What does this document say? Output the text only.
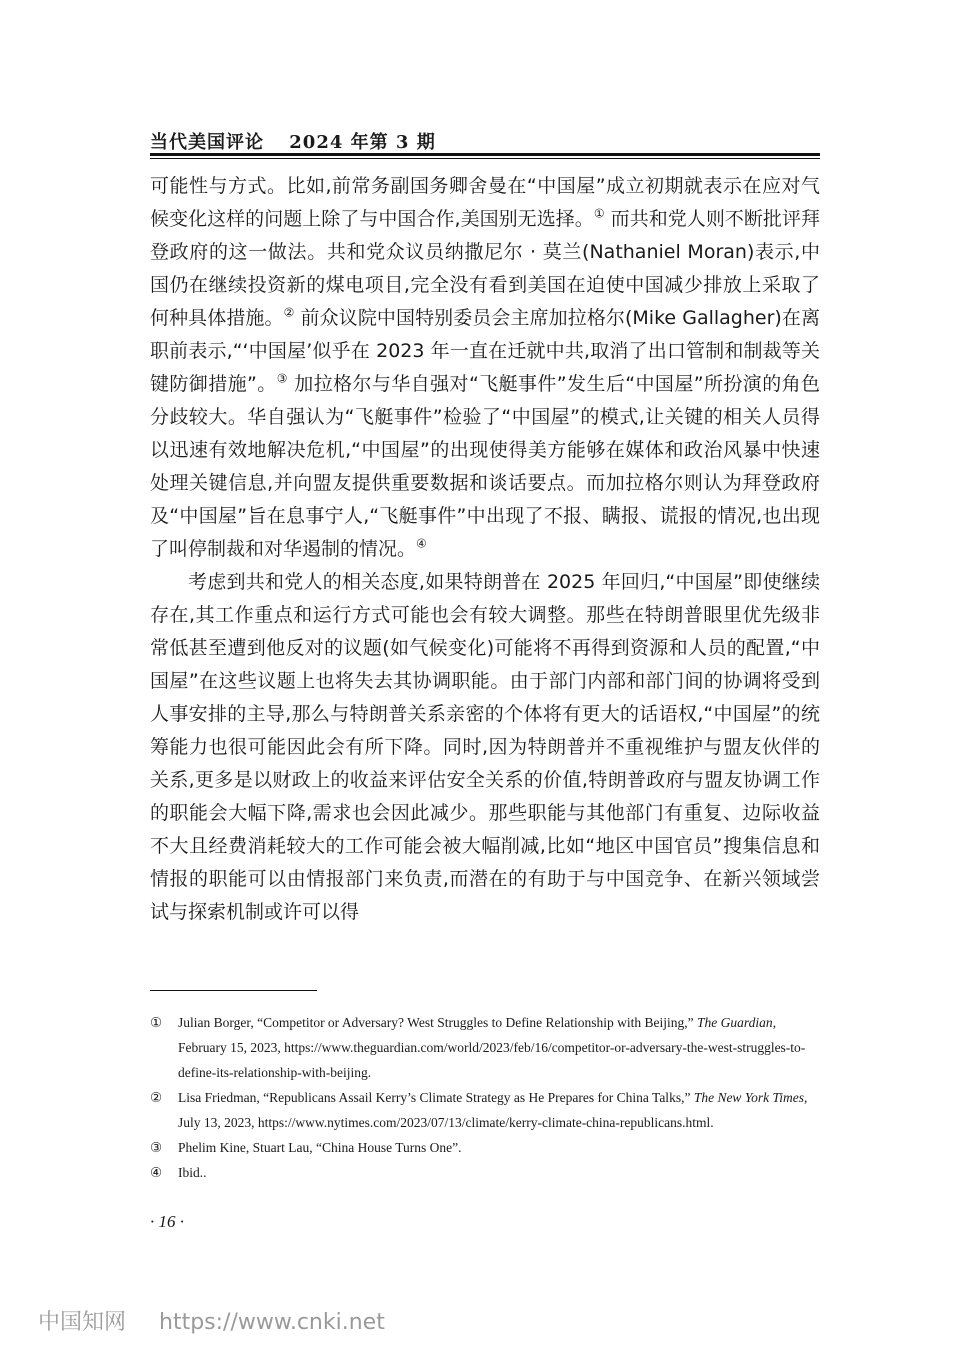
当代美国评论 2024 年第 3 期

可能性与方式。比如,前常务副国务卿舍曼在“中国屋”成立初期就表示在应对气候变化这样的问题上除了与中国合作,美国别无选择。① 而共和党人则不断批评拜登政府的这一做法。共和党众议员纳撒尼尔 · 莫兰(Nathaniel Moran)表示,中国仍在继续投资新的煤电项目,完全没有看到美国在迫使中国减少排放上采取了何种具体措施。② 前众议院中国特别委员会主席加拉格尔(Mike Gallagher)在离职前表示,“‘中国屋’似乎在 2023 年一直在迁就中共,取消了出口管制和制裁等关键防御措施”。③ 加拉格尔与华自强对“飞艇事件”发生后“中国屋”所扮演的角色分歧较大。华自强认为“飞艇事件”检验了“中国屋”的模式,让关键的相关人员得以迅速有效地解决危机,“中国屋”的出现使得美方能够在媒体和政治风暴中快速处理关键信息,并向盟友提供重要数据和谈话要点。而加拉格尔则认为拜登政府及“中国屋”旨在息事宁人,“飞艇事件”中出现了不报、瞒报、谎报的情况,也出现了叫停制裁和对华遏制的情况。④

考虑到共和党人的相关态度,如果特朗普在 2025 年回归,“中国屋”即使继续存在,其工作重点和运行方式可能也会有较大调整。那些在特朗普眼里优先级非常低甚至遭到他反对的议题(如气候变化)可能将不再得到资源和人员的配置,“中国屋”在这些议题上也将失去其协调职能。由于部门内部和部门间的协调将受到人事安排的主导,那么与特朗普关系亲密的个体将有更大的话语权,“中国屋”的统筹能力也很可能因此会有所下降。同时,因为特朗普并不重视维护与盟友伙伴的关系,更多是以财政上的收益来评估安全关系的价值,特朗普政府与盟友协调工作的职能会大幅下降,需求也会因此减少。那些职能与其他部门有重复、边际收益不大且经费消耗较大的工作可能会被大幅削减,比如“地区中国官员”搜集信息和情报的职能可以由情报部门来负责,而潜在的有助于与中国竞争、在新兴领域尝试与探索机制或许可以得

① Julian Borger, “Competitor or Adversary? West Struggles to Define Relationship with Beijing,” The Guardian, February 15, 2023, https://www.theguardian.com/world/2023/feb/16/competitor-or-adversary-the-west-struggles-to-define-its-relationship-with-beijing.
② Lisa Friedman, “Republicans Assail Kerry’s Climate Strategy as He Prepares for China Talks,” The New York Times, July 13, 2023, https://www.nytimes.com/2023/07/13/climate/kerry-climate-china-republicans.html.
③ Phelim Kine, Stuart Lau, “China House Turns One”.
④ Ibid..
· 16 ·
中国知网 https://www.cnki.net
